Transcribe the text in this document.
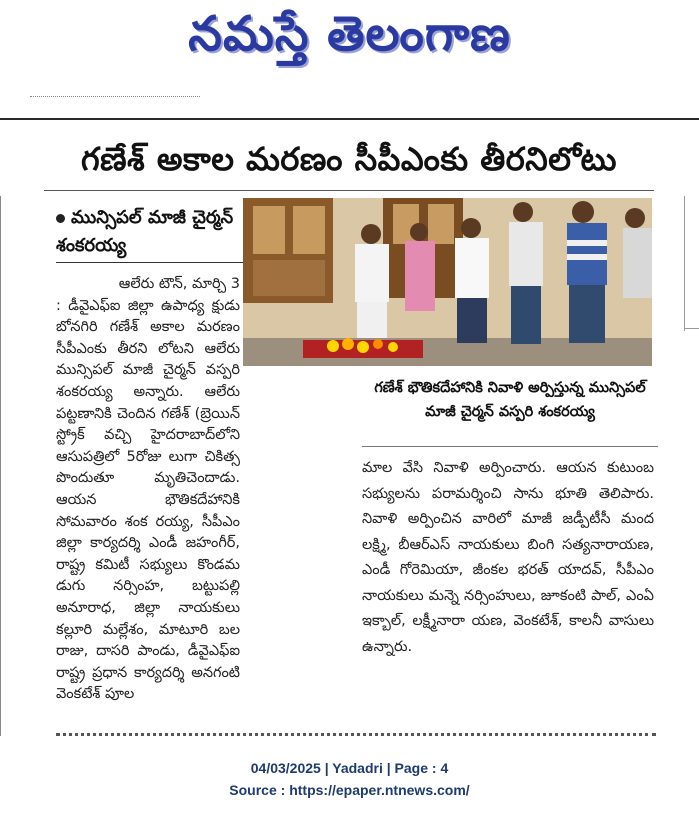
నమస్తే తెలంగాణ
గణేశ్ అకాల మరణం సీపీఎంకు తీరనిలోటు
మున్సిపల్ మాజీ చైర్మన్ శంకరయ్య

ఆలేరు టౌన్, మార్చి 3

: డీవైఎఫ్ఐ జిల్లా ఉపాధ్య క్షుడు బోనగిరి గణేశ్ అకాల మరణం సీపీఎంకు తీరని లోటని ఆలేరు మున్సిపల్ మాజీ చైర్మన్ వస్పరి శంకరయ్య అన్నారు. ఆలేరు పట్టణానికి చెందిన గణేశ్ (బ్రెయిన్ స్ట్రోక్ వచ్చి హైదరాబాద్‌లోని ఆసుపత్రిలో 5రోజు లుగా చికిత్స పొందుతూ మృతిచెందాడు. ఆయన భౌతికదేహానికి సోమవారం శంక రయ్య, సీపీఎం జిల్లా కార్యదర్శి ఎండీ జహంగీర్, రాష్ట్ర కమిటీ సభ్యులు కొండమ డుగు నర్సింహ, బట్టుపల్లి అనూరాధ, జిల్లా నాయకులు కల్లూరి మల్లేశం, మాటూరి బల రాజు, దాసరి పాండు, డీవైఎఫ్ఐ రాష్ట్ర ప్రధాన కార్యదర్శి అనగంటి వెంకటేశ్ పూల

గణేశ్ భౌతికదేహానికి నివాళి అర్పిస్తున్న మున్సిపల్ మాజీ చైర్మన్ వస్పరి శంకరయ్య

మాల వేసి నివాళి అర్పించారు. ఆయన కుటుంబ సభ్యులను పరామర్శించి సాను భూతి తెలిపారు. నివాళి అర్పించిన వారిలో మాజీ జడ్పీటీసీ మంద లక్ష్మి, బీఆర్ఎస్ నాయకులు బింగి సత్యనారాయణ, ఎండీ గోరెమియా, జీంకల భరత్ యాదవ్, సీపీఎం నాయకులు మన్నె నర్సింహులు, జూకంటి పాల్, ఎంఏ ఇక్బాల్, లక్ష్మీనారా యణ, వెంకటేశ్, కాలనీ వాసులు ఉన్నారు.

04/03/2025 | Yadadri | Page : 4
Source : https://epaper.ntnews.com/
